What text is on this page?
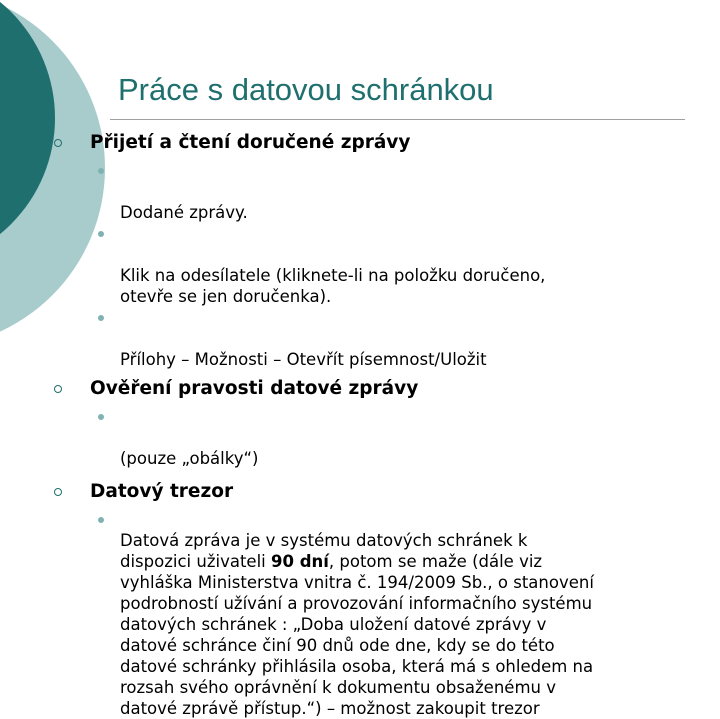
Práce s datovou schránkou
Přijetí a čtení doručené zprávy

Dodané zprávy.

Klik na odesílatele (kliknete-li na položku doručeno,
otevře se jen doručenka).

Přílohy – Možnosti – Otevřít písemnost/Uložit

Ověření pravosti datové zprávy

(pouze „obálky“)

Datový trezor

Datová zpráva je v systému datových schránek k
dispozici uživateli 90 dní, potom se maže (dále viz
vyhláška Ministerstva vnitra č. 194/2009 Sb., o stanovení
podrobností užívání a provozování informačního systému
datových schránek : „Doba uložení datové zprávy v
datové schránce činí 90 dnů ode dne, kdy se do této
datové schránky přihlásila osoba, která má s ohledem na
rozsah svého oprávnění k dokumentu obsaženému v
datové zprávě přístup.“) – možnost zakoupit trezor
